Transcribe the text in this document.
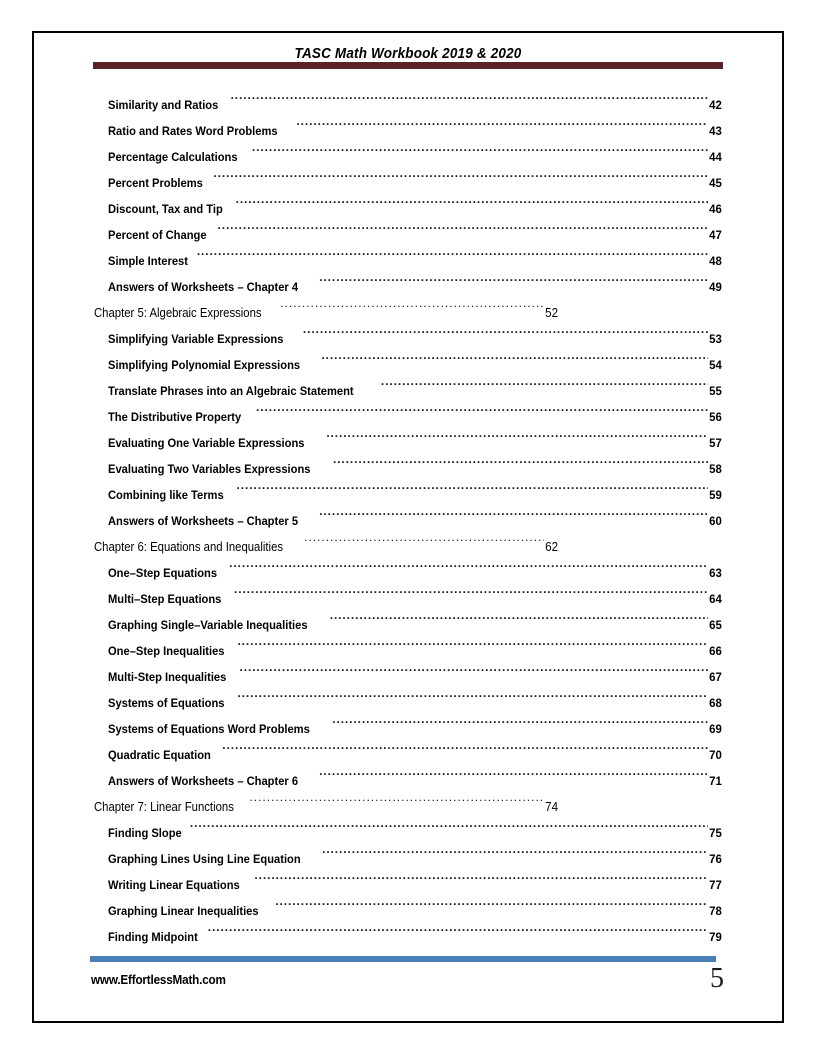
TASC Math Workbook 2019 & 2020
Similarity and Ratios .....	42
Ratio and Rates Word Problems .....	43
Percentage Calculations .....	44
Percent Problems .....	45
Discount, Tax and Tip .....	46
Percent of Change .....	47
Simple Interest .....	48
Answers of Worksheets – Chapter 4 .....	49
Chapter 5: Algebraic Expressions .....	52
Simplifying Variable Expressions .....	53
Simplifying Polynomial Expressions .....	54
Translate Phrases into an Algebraic Statement .....	55
The Distributive Property .....	56
Evaluating One Variable Expressions .....	57
Evaluating Two Variables Expressions .....	58
Combining like Terms .....	59
Answers of Worksheets – Chapter 5 .....	60
Chapter 6: Equations and Inequalities .....	62
One–Step Equations .....	63
Multi–Step Equations .....	64
Graphing Single–Variable Inequalities .....	65
One–Step Inequalities .....	66
Multi-Step Inequalities .....	67
Systems of Equations .....	68
Systems of Equations Word Problems .....	69
Quadratic Equation .....	70
Answers of Worksheets – Chapter 6 .....	71
Chapter 7: Linear Functions .....	74
Finding Slope .....	75
Graphing Lines Using Line Equation .....	76
Writing Linear Equations .....	77
Graphing Linear Inequalities .....	78
Finding Midpoint .....	79
www.EffortlessMath.com	5
